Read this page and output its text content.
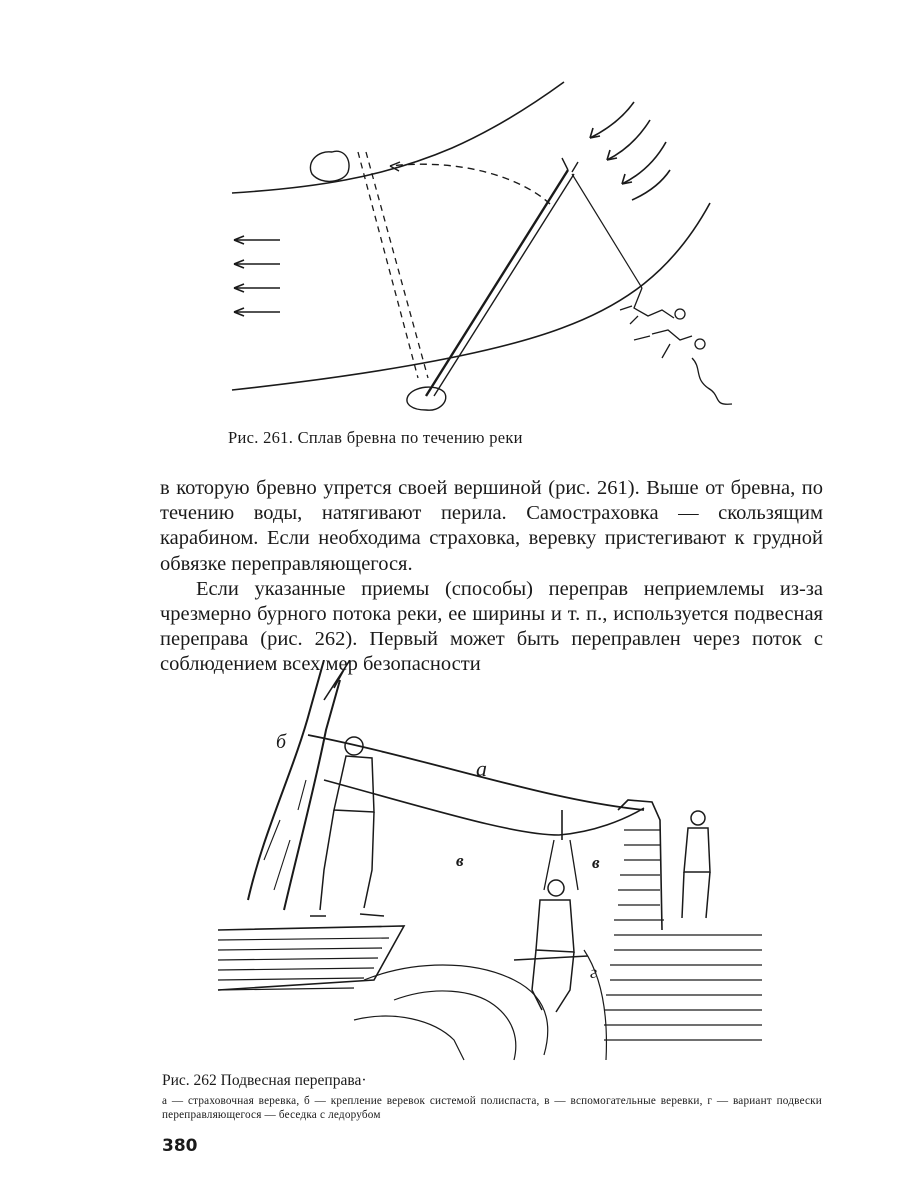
Рис. 261. Сплав бревна по течению реки

в которую бревно упрется своей вершиной (рис. 261). Выше от бревна, по течению воды, натягивают перила. Самостраховка — скользящим карабином. Если необходима страховка, веревку пристегивают к грудной обвязке переправляющегося.

Если указанные приемы (способы) переправ неприемлемы из-за чрезмерно бурного потока реки, ее ширины и т. п., используется подвесная переправа (рис. 262). Первый может быть переправлен через поток с соблюдением всех мер безопасности

б
а
в	в
г
Рис. 262 Подвесная переправа·
а — страховочная веревка, б — крепление веревок системой полиспаста, в — вспомогательные веревки, г — вариант подвески переправляющегося — беседка с ледорубом
380
